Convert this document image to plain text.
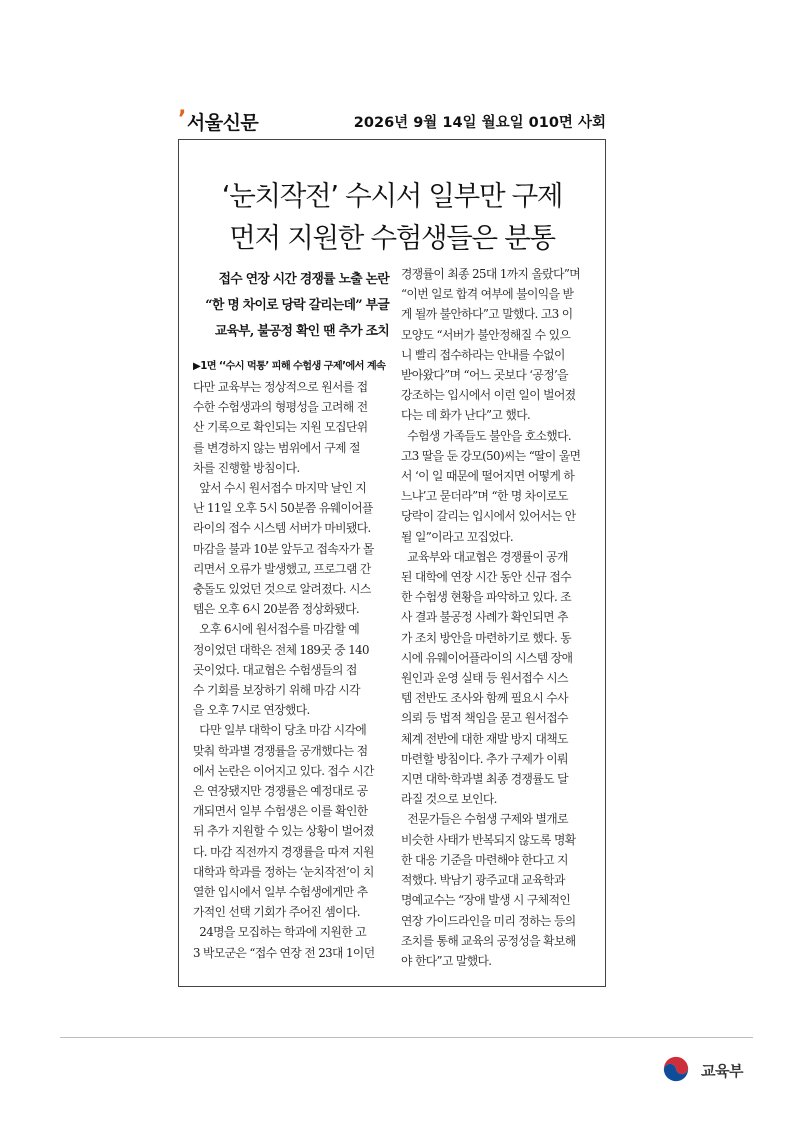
’서울신문	2026년 9월 14일 월요일 010면 사회
‘눈치작전’ 수시서 일부만 구제
먼저 지원한 수험생들은 분통
접수 연장 시간 경쟁률 노출 논란
“한 명 차이로 당락 갈리는데” 부글
교육부, 불공정 확인 땐 추가 조치
▶1면 ‘‘수시 먹통’ 피해 수험생 구제’에서 계속
다만 교육부는 정상적으로 원서를 접
수한 수험생과의 형평성을 고려해 전
산 기록으로 확인되는 지원 모집단위
를 변경하지 않는 범위에서 구제 절
차를 진행할 방침이다.
앞서 수시 원서접수 마지막 날인 지
난 11일 오후 5시 50분쯤 유웨이어플
라이의 접수 시스템 서버가 마비됐다.
마감을 불과 10분 앞두고 접속자가 몰
리면서 오류가 발생했고, 프로그램 간
충돌도 있었던 것으로 알려졌다. 시스
템은 오후 6시 20분쯤 정상화됐다.
오후 6시에 원서접수를 마감할 예
정이었던 대학은 전체 189곳 중 140
곳이었다. 대교협은 수험생들의 접
수 기회를 보장하기 위해 마감 시각
을 오후 7시로 연장했다.
다만 일부 대학이 당초 마감 시각에
맞춰 학과별 경쟁률을 공개했다는 점
에서 논란은 이어지고 있다. 접수 시간
은 연장됐지만 경쟁률은 예정대로 공
개되면서 일부 수험생은 이를 확인한
뒤 추가 지원할 수 있는 상황이 벌어졌
다. 마감 직전까지 경쟁률을 따져 지원
대학과 학과를 정하는 ‘눈치작전’이 치
열한 입시에서 일부 수험생에게만 추
가적인 선택 기회가 주어진 셈이다.
24명을 모집하는 학과에 지원한 고
3 박모군은 “접수 연장 전 23대 1이던
경쟁률이 최종 25대 1까지 올랐다”며
“이번 일로 합격 여부에 불이익을 받
게 될까 불안하다”고 말했다. 고3 이
모양도 “서버가 불안정해질 수 있으
니 빨리 접수하라는 안내를 수없이
받아왔다”며 “어느 곳보다 ‘공정’을
강조하는 입시에서 이런 일이 벌어졌
다는 데 화가 난다”고 했다.
수험생 가족들도 불안을 호소했다.
고3 딸을 둔 강모(50)씨는 “딸이 울면
서 ‘이 일 때문에 떨어지면 어떻게 하
느냐’고 묻더라”며 “한 명 차이로도
당락이 갈리는 입시에서 있어서는 안
될 일”이라고 꼬집었다.
교육부와 대교협은 경쟁률이 공개
된 대학에 연장 시간 동안 신규 접수
한 수험생 현황을 파악하고 있다. 조
사 결과 불공정 사례가 확인되면 추
가 조치 방안을 마련하기로 했다. 동
시에 유웨이어플라이의 시스템 장애
원인과 운영 실태 등 원서접수 시스
템 전반도 조사와 함께 필요시 수사
의뢰 등 법적 책임을 묻고 원서접수
체계 전반에 대한 재발 방지 대책도
마련할 방침이다. 추가 구제가 이뤄
지면 대학·학과별 최종 경쟁률도 달
라질 것으로 보인다.
전문가들은 수험생 구제와 별개로
비슷한 사태가 반복되지 않도록 명확
한 대응 기준을 마련해야 한다고 지
적했다. 박남기 광주교대 교육학과
명예교수는 “장애 발생 시 구체적인
연장 가이드라인을 미리 정하는 등의
조치를 통해 교육의 공정성을 확보해
야 한다”고 말했다.
교육부
